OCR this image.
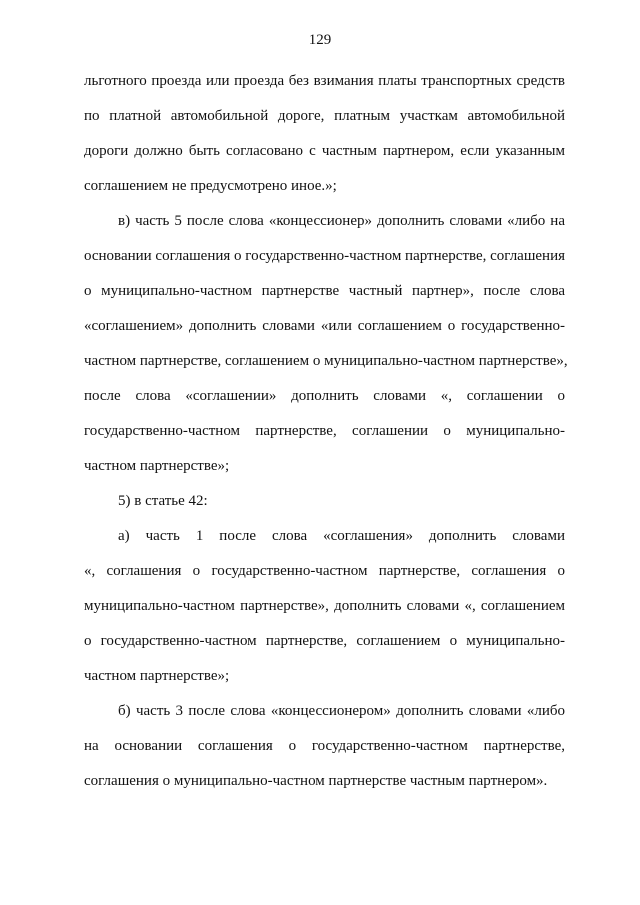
129

льготного проезда или проезда без взимания платы транспортных средств
по платной автомобильной дороге, платным участкам автомобильной
дороги должно быть согласовано с частным партнером, если указанным
соглашением не предусмотрено иное.»;

в) часть 5 после слова «концессионер» дополнить словами «либо на
основании соглашения о государственно-частном партнерстве, соглашения
о муниципально-частном партнерстве частный партнер», после слова
«соглашением» дополнить словами «или соглашением о государственно-
частном партнерстве, соглашением о муниципально-частном партнерстве»,
после слова «соглашении» дополнить словами «, соглашении о
государственно-частном партнерстве, соглашении о муниципально-
частном партнерстве»;

5) в статье 42:

а) часть 1 после слова «соглашения» дополнить словами
«, соглашения о государственно-частном партнерстве, соглашения о
муниципально-частном партнерстве», дополнить словами «, соглашением
о государственно-частном партнерстве, соглашением о муниципально-
частном партнерстве»;

б) часть 3 после слова «концессионером» дополнить словами «либо
на основании соглашения о государственно-частном партнерстве,
соглашения о муниципально-частном партнерстве частным партнером».
